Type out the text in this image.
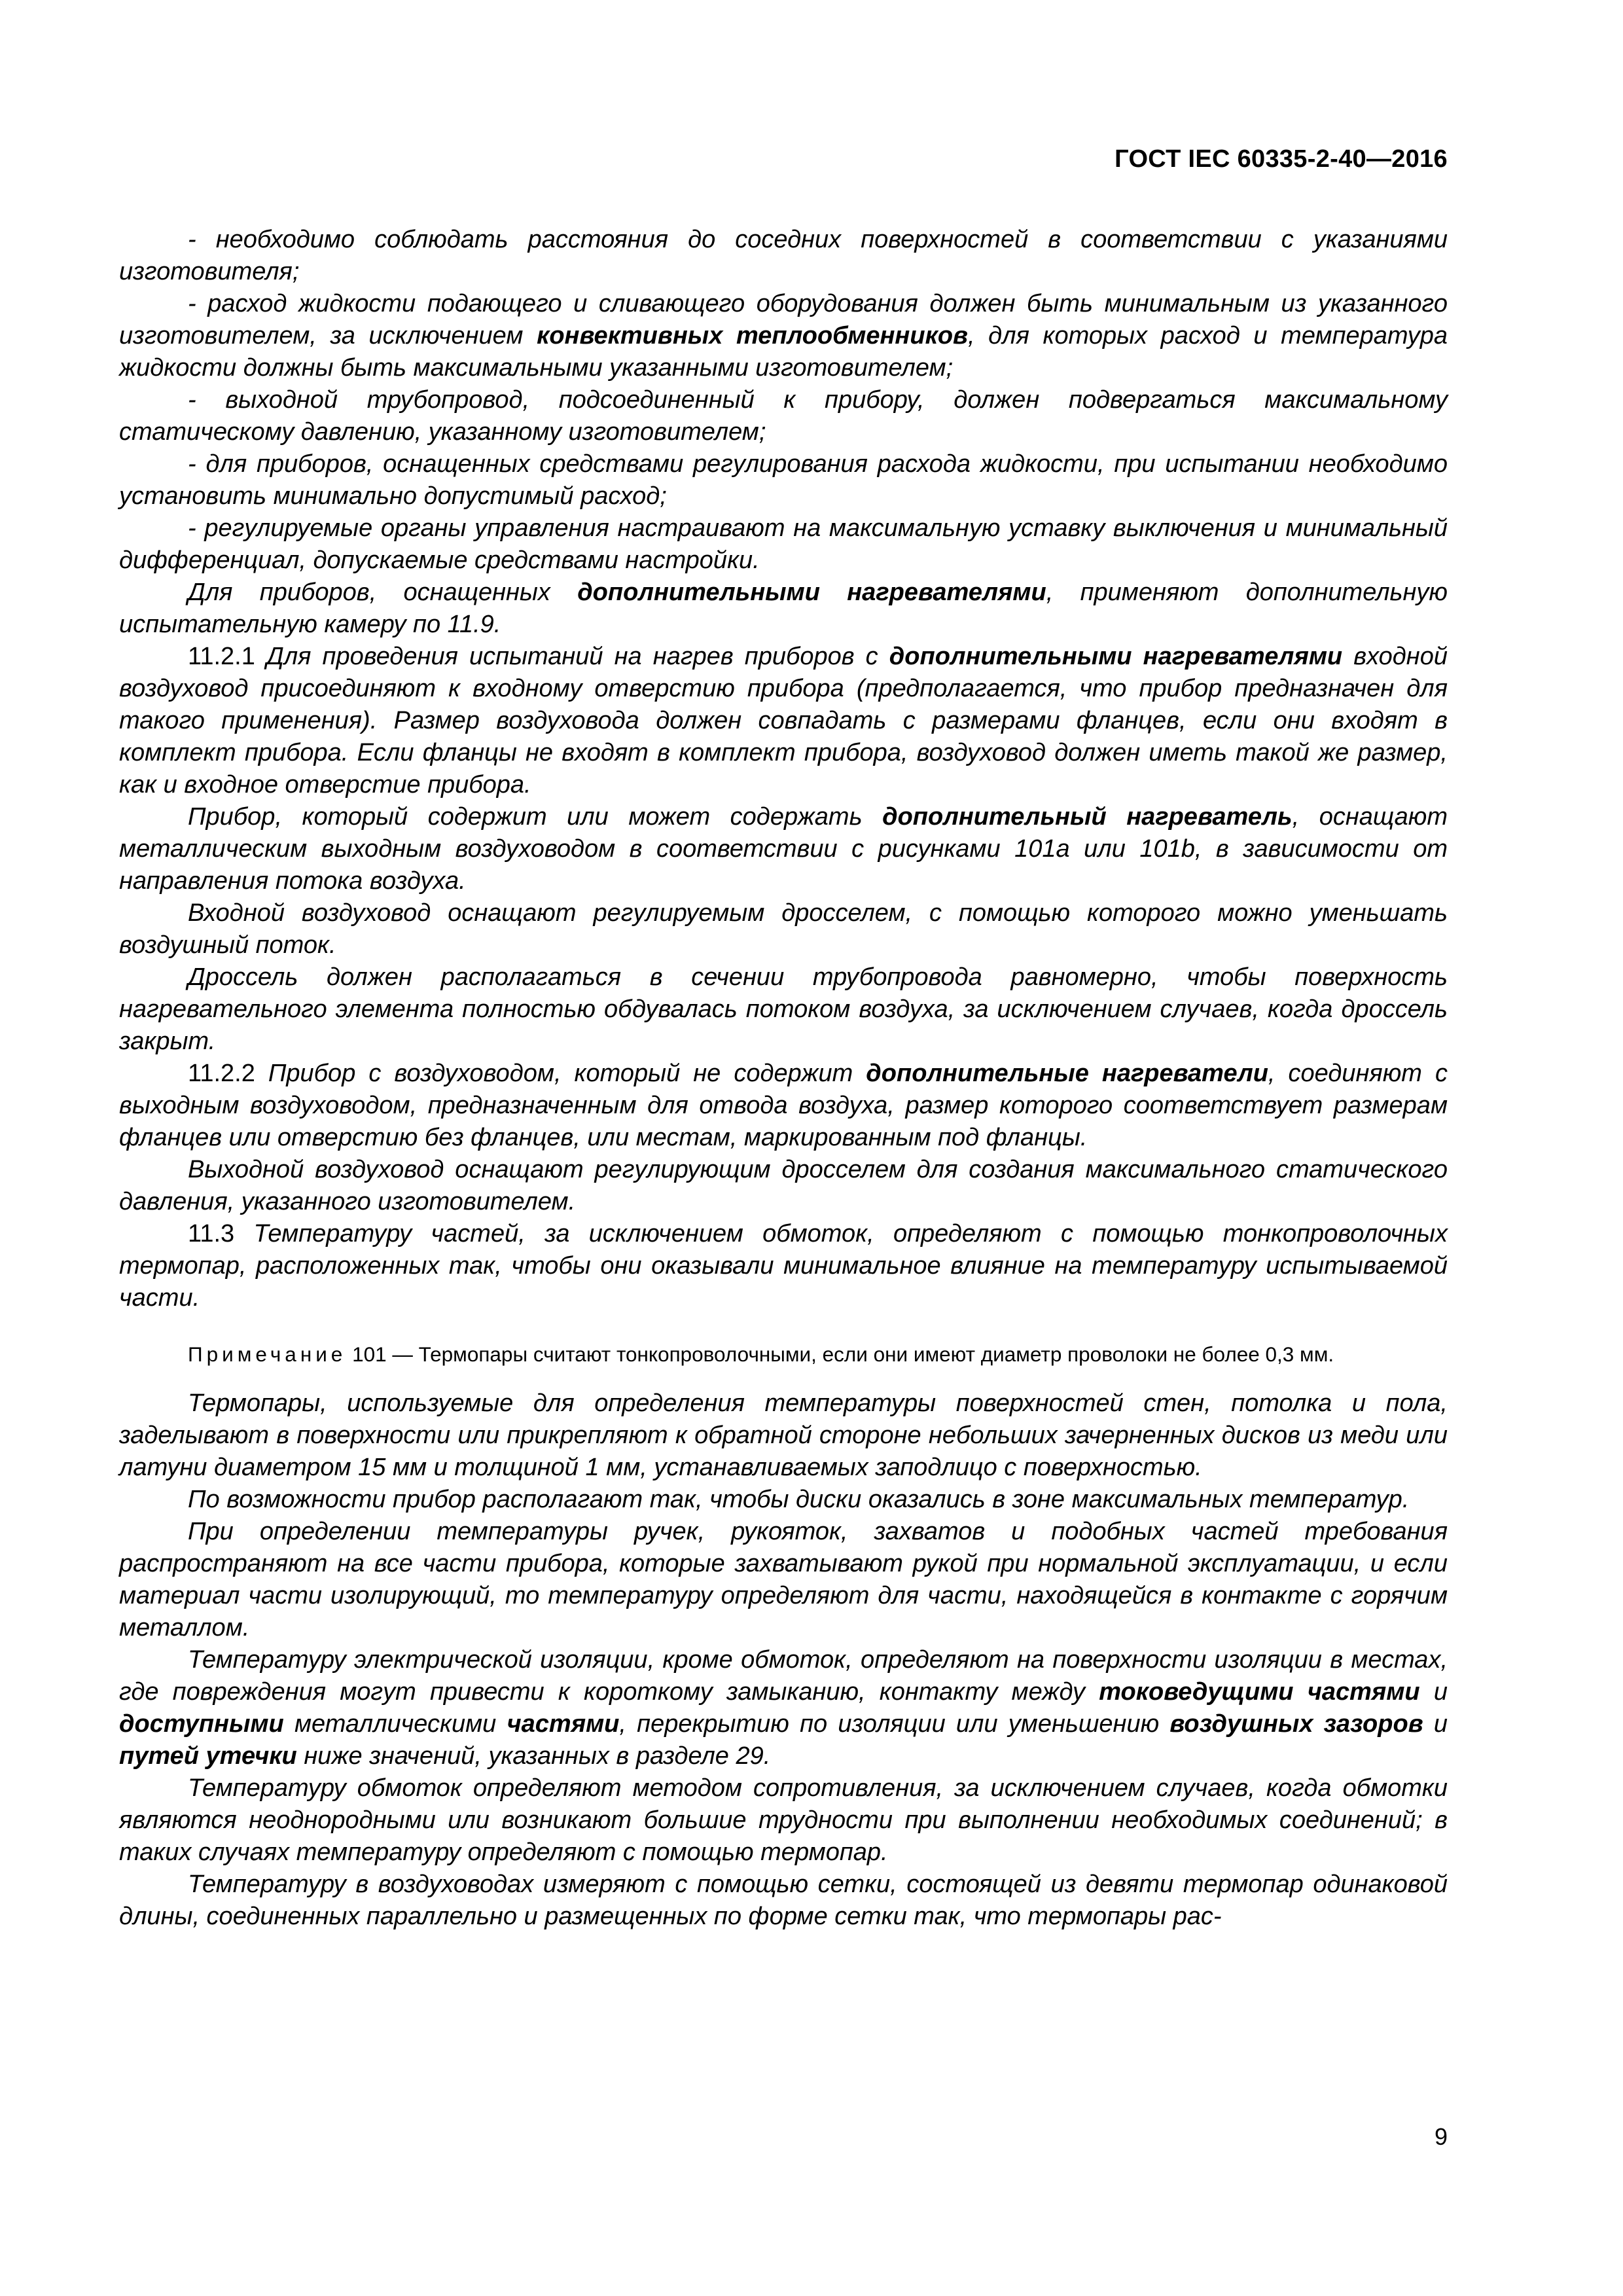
ГОСТ IEC 60335-2-40—2016

- необходимо соблюдать расстояния до соседних поверхностей в соответствии с указаниями изготовителя;

- расход жидкости подающего и сливающего оборудования должен быть минимальным из указанного изготовителем, за исключением конвективных теплообменников, для которых расход и температура жидкости должны быть максимальными указанными изготовителем;

- выходной трубопровод, подсоединенный к прибору, должен подвергаться максимальному статическому давлению, указанному изготовителем;

- для приборов, оснащенных средствами регулирования расхода жидкости, при испытании необходимо установить минимально допустимый расход;

- регулируемые органы управления настраивают на максимальную уставку выключения и минимальный дифференциал, допускаемые средствами настройки.

Для приборов, оснащенных дополнительными нагревателями, применяют дополнительную испытательную камеру по 11.9.

11.2.1 Для проведения испытаний на нагрев приборов с дополнительными нагревателями входной воздуховод присоединяют к входному отверстию прибора (предполагается, что прибор предназначен для такого применения). Размер воздуховода должен совпадать с размерами фланцев, если они входят в комплект прибора. Если фланцы не входят в комплект прибора, воздуховод должен иметь такой же размер, как и входное отверстие прибора.

Прибор, который содержит или может содержать дополнительный нагреватель, оснащают металлическим выходным воздуховодом в соответствии с рисунками 101a или 101b, в зависимости от направления потока воздуха.

Входной воздуховод оснащают регулируемым дросселем, с помощью которого можно уменьшать воздушный поток.

Дроссель должен располагаться в сечении трубопровода равномерно, чтобы поверхность нагревательного элемента полностью обдувалась потоком воздуха, за исключением случаев, когда дроссель закрыт.

11.2.2 Прибор с воздуховодом, который не содержит дополнительные нагреватели, соединяют с выходным воздуховодом, предназначенным для отвода воздуха, размер которого соответствует размерам фланцев или отверстию без фланцев, или местам, маркированным под фланцы.

Выходной воздуховод оснащают регулирующим дросселем для создания максимального статического давления, указанного изготовителем.

11.3 Температуру частей, за исключением обмоток, определяют с помощью тонкопроволочных термопар, расположенных так, чтобы они оказывали минимальное влияние на температуру испытываемой части.

Примечание 101 — Термопары считают тонкопроволочными, если они имеют диаметр проволоки не более 0,3 мм.

Термопары, используемые для определения температуры поверхностей стен, потолка и пола, заделывают в поверхности или прикрепляют к обратной стороне небольших зачерненных дисков из меди или латуни диаметром 15 мм и толщиной 1 мм, устанавливаемых заподлицо с поверхностью.

По возможности прибор располагают так, чтобы диски оказались в зоне максимальных температур.

При определении температуры ручек, рукояток, захватов и подобных частей требования распространяют на все части прибора, которые захватывают рукой при нормальной эксплуатации, и если материал части изолирующий, то температуру определяют для части, находящейся в контакте с горячим металлом.

Температуру электрической изоляции, кроме обмоток, определяют на поверхности изоляции в местах, где повреждения могут привести к короткому замыканию, контакту между токоведущими частями и доступными металлическими частями, перекрытию по изоляции или уменьшению воздушных зазоров и путей утечки ниже значений, указанных в разделе 29.

Температуру обмоток определяют методом сопротивления, за исключением случаев, когда обмотки являются неоднородными или возникают большие трудности при выполнении необходимых соединений; в таких случаях температуру определяют с помощью термопар.

Температуру в воздуховодах измеряют с помощью сетки, состоящей из девяти термопар одинаковой длины, соединенных параллельно и размещенных по форме сетки так, что термопары рас-

9
